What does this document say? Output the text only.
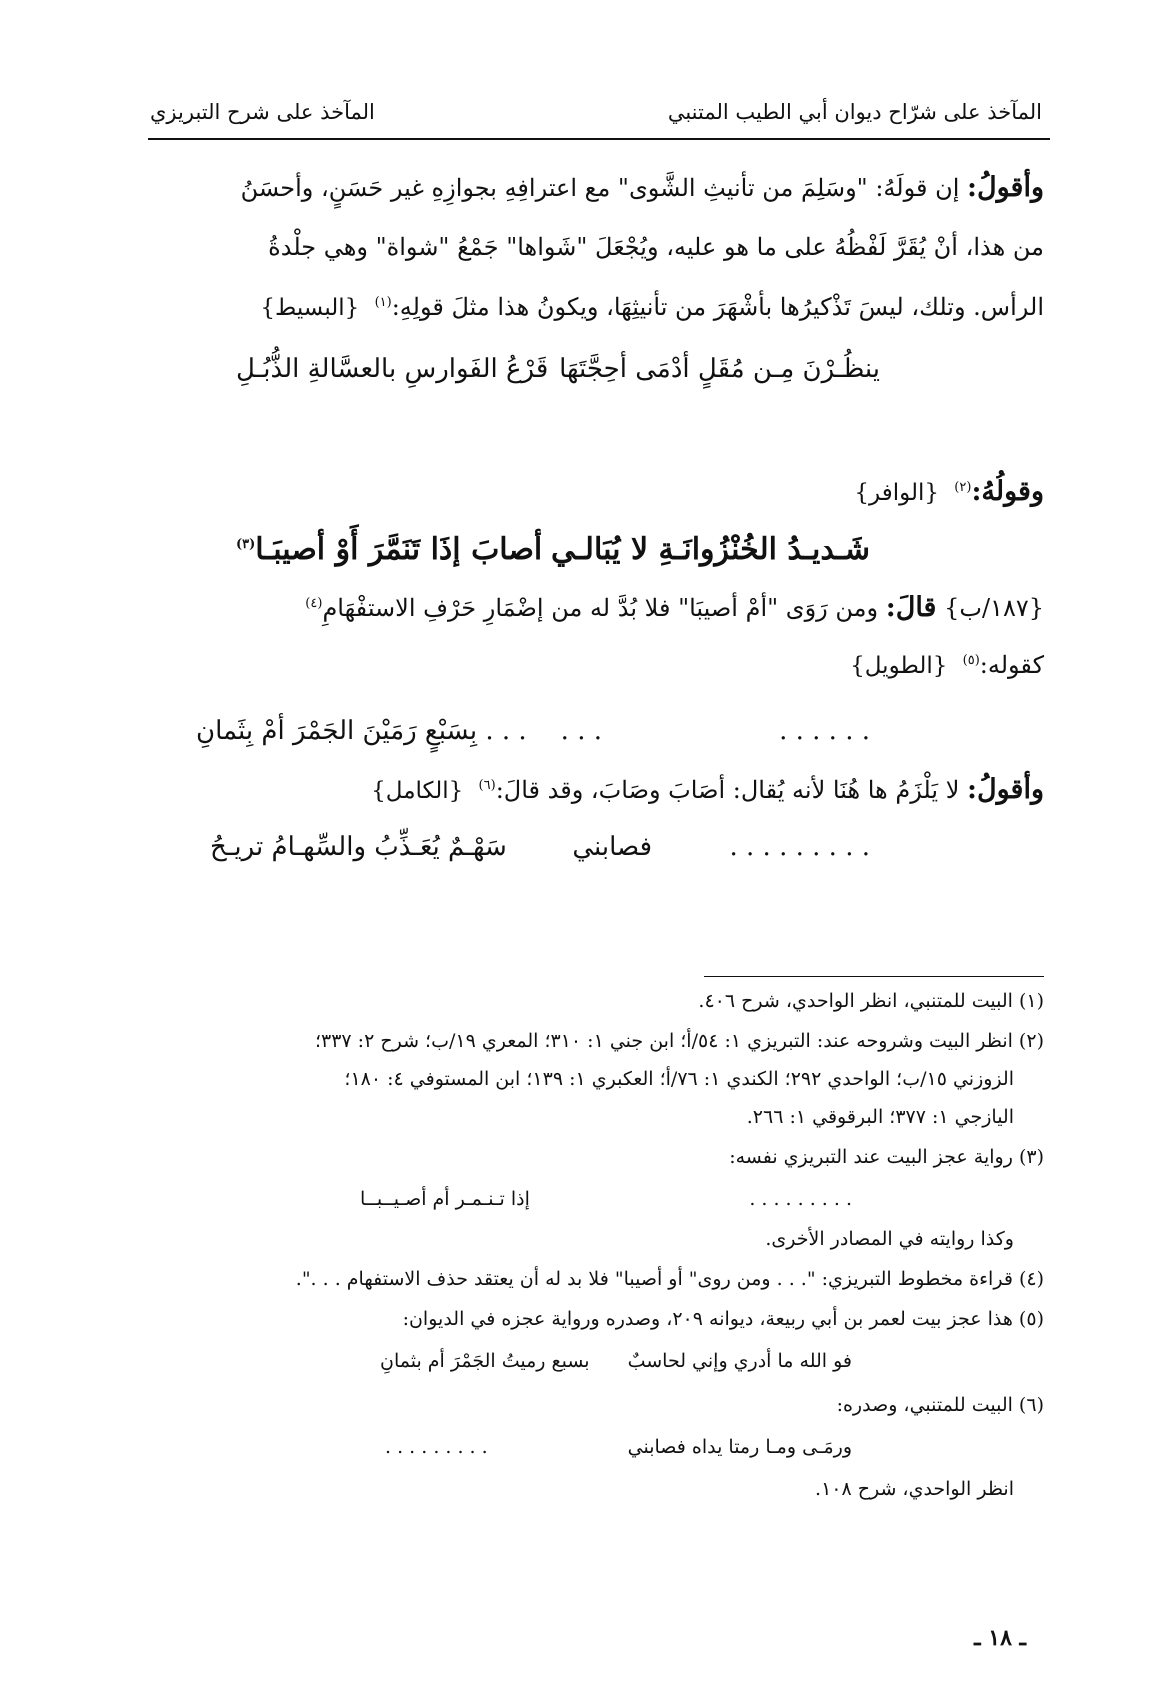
المآخذ على شرّاح ديوان أبي الطيب المتنبي
المآخذ على شرح التبريزي
وأقولُ: إن قولَهُ: "وسَلِمَ من تأنيثِ الشَّوى" مع اعترافِهِ بجوازِهِ غير حَسَنٍ، وأحسَنُ
من هذا، أنْ يُقَرَّ لَفْظُهُ على ما هو عليه، ويُجْعَلَ "شَواها" جَمْعُ "شواة" وهي جلْدةُ
الرأس. وتلك، ليسَ تَذْكيرُها بأشْهَرَ من تأنيثِهَا، ويكونُ هذا مثلَ قولِهِ:$^{(١)}$  {البسيط}
ينظُـرْنَ مِـن مُقَلٍ أدْمَى أحِجَّتَهَا
قَرْعُ الفَوارسِ بالعسَّالةِ الذُّبُـلِ
وقولُهُ:$^{(٢)}$  {الوافر}
شَـديـدُ الخُنْزُوانَـةِ لا يُبَالـي
أصابَ إذَا تَنَمَّرَ أَوْ أصيبَـا$^{(٣)}$
{١٨٧/ب} قالَ: ومن رَوَى "أمْ أصيبَا" فلا بُدَّ له من إضْمَارِ حَرْفِ الاستفْهَامِ$^{(٤)}$
كقوله:$^{(٥)}$  {الطويل}
. . . . . .
. . .
. . . بِسَبْعٍ رَمَيْنَ الجَمْرَ أمْ بِثَمانِ
وأقولُ: لا يَلْزَمُ ها هُنَا لأنه يُقال: أصَابَ وصَابَ، وقد قالَ:$^{(٦)}$  {الكامل}
. . . . . . . . .
فصابني
سَهْـمٌ يُعَـذِّبُ والسِّهـامُ تريـحُ
(١) البيت للمتنبي، انظر الواحدي، شرح ٤٠٦.
(٢) انظر البيت وشروحه عند: التبريزي ١: ٥٤/أ؛ ابن جني ١: ٣١٠؛ المعري ١٩/ب؛ شرح ٢: ٣٣٧؛
الزوزني ١٥/ب؛ الواحدي ٢٩٢؛ الكندي ١: ٧٦/أ؛ العكبري ١: ١٣٩؛ ابن المستوفي ٤: ١٨٠؛
اليازجي ١: ٣٧٧؛ البرقوقي ١: ٢٦٦.
(٣) رواية عجز البيت عند التبريزي نفسه:
. . . . . . . . .
إذا تـنـمـر أم أصـيــبــا
وكذا روايته في المصادر الأخرى.
(٤) قراءة مخطوط التبريزي: ". . . ومن روى" أو أصيبا" فلا بد له أن يعتقد حذف الاستفهام . . .".
(٥) هذا عجز بيت لعمر بن أبي ربيعة، ديوانه ٢٠٩، وصدره ورواية عجزه في الديوان:
فو الله ما أدري وإني لحاسبٌ
بسبع رميتُ الجَمْرَ أم بثمانِ
(٦) البيت للمتنبي، وصدره:
ورمَـى ومـا رمتا يداه فصابني
. . . . . . . . .
انظر الواحدي، شرح ١٠٨.
ـ ١٨ ـ
